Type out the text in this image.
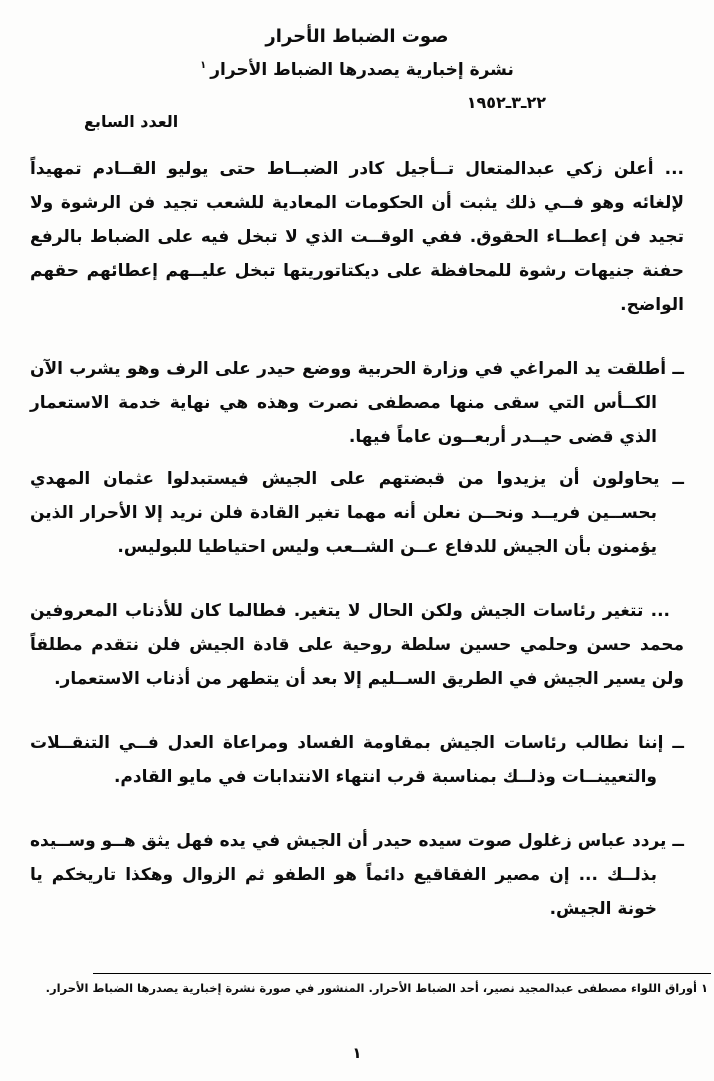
صوت الضباط الأحرار
نشرة إخبارية يصدرها الضباط الأحرار$^١$
٢٢ـ٣ـ١٩٥٢
العدد السابع

... أعلن زكي عبدالمتعال تــأجيل كادر الضبــاط حتى يوليو القــادم تمهيداً لإلغائه وهو فــي ذلك يثبت أن الحكومات المعادية للشعب تجيد فن الرشوة ولا تجيد فن إعطــاء الحقوق. ففي الوقــت الذي لا تبخل فيه على الضباط بالرفع حفنة جنيهات رشوة للمحافظة على ديكتاتوريتها تبخل عليــهم إعطائهم حقهم الواضح.

ــ أطلقت يد المراغي في وزارة الحربية ووضع حيدر على الرف وهو يشرب الآن الكــأس التي سقى منها مصطفى نصرت وهذه هي نهاية خدمة الاستعمار الذي قضى حيــدر أربعــون عاماً فيها.

ــ يحاولون أن يزيدوا من قبضتهم على الجيش فيستبدلوا عثمان المهدي بحســين فريــد ونحــن نعلن أنه مهما تغير القادة فلن نريد إلا الأحرار الذين يؤمنون بأن الجيش للدفاع عــن الشــعب وليس احتياطيا للبوليس.

... تتغير رئاسات الجيش ولكن الحال لا يتغير. فطالما كان للأذناب المعروفين محمد حسن وحلمي حسين سلطة روحية على قادة الجيش فلن نتقدم مطلقاً ولن يسير الجيش في الطريق الســليم إلا بعد أن يتطهر من أذناب الاستعمار.

ــ إننا نطالب رئاسات الجيش بمقاومة الفساد ومراعاة العدل فــي التنقــلات والتعيينــات وذلــك بمناسبة قرب انتهاء الانتدابات في مايو القادم.

ــ يردد عباس زغلول صوت سيده حيدر أن الجيش في يده فهل يثق هــو وســيده بذلــك ... إن مصير الفقاقيع دائماً هو الطفو ثم الزوال وهكذا تاريخكم يا خونة الجيش.

١ أوراق اللواء مصطفى عبدالمجيد نصير، أحد الضباط الأحرار. المنشور في صورة نشرة إخبارية يصدرها الضباط الأحرار.
١
